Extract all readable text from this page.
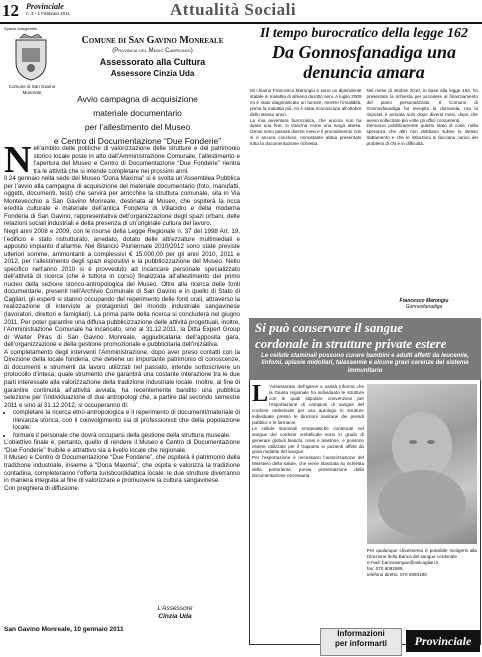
12 Provinciale
n. 3 - 1 Febbraio 2011	Attualità Sociali
Spazio autogestito
Comune di San Gavino Monreale
Comune di San Gavino Monreale
(Provincia del Medio Campidano)
Assessorato alla Cultura
Assessore Cinzia Uda
Avvio campagna di acquisizione
materiale documentario
per l’allestimento del Museo
e Centro di Documentazione “Due Fonderie”

Nell’ambito delle politiche di valorizzazione delle strutture e del patrimonio storico locale poste in atto dall’Amministrazione Comunale, l’allestimento e l’apertura del Museo e Centro di Documentazione “Due Fonderie” rientra tra le attività che si intende completare nei prossimi anni.

Il 24 gennaio nella sede del Museo “Dona Maxima” si è svolta un’Assemblea Pubblica per l’avvio alla campagna di acquisizione del materiale documentario (foto, manufatti, oggetti, documenti, testi) che servirà per arricchire la struttura comunale, sita in Via Montevecchio a San Gavino Monreale, destinata al Museo, che ospiterà la ricca eredità culturale e materiale dell’antica Fonderia di Villacidro e della moderna Fonderia di San Gavino, rappresentativa dell’organizzazione degli spazi urbani, delle relazioni sociali industriali e della presenza di un’originale cultura del lavoro.

Negli anni 2008 e 2009, con le risorse della Legge Regionale n. 37 del 1998 Art. 19, l’edificio è stato ristrutturato, arredato, dotato delle attrezzature multimediali e apposito impianto d’allarme. Nel Bilancio Pluriennale 2010/2012 sono state previste ulteriori somme, ammontanti a complessivi € 15.000,00 per gli anni 2010, 2011 e 2012, per l’allestimento degli spazi espositivi e la pubblicizzazione del Museo. Nello specifico nell’anno 2010 si è provveduto ad incaricare personale specializzato dell’attività di ricerca (che è tuttora in corso) finalizzata all’allestimento del primo nucleo della sezione storico-antropologica del Museo. Oltre alla ricerca delle fonti documentarie, presenti nell’Archivio Comunale di San Gavino e in quello di Stato di Cagliari, gli esperti si stanno occupando del reperimento delle fonti orali, attraverso la realizzazione di interviste ai protagonisti del mondo industriale sangavinese (lavoratori, direttori e famigliari). La prima parte della ricerca si concluderà nel giugno 2011. Per poter garantire una diffusa pubblicizzazione delle attività progettuali, inoltre, l’Amministrazione Comunale ha incaricato, sino al 31.12.2011, la Ditta Expert Group di Walter Piras di San Gavino Monreale, aggiudicataria dell’apposita gara, dell’organizzazione e della gestione promozionale e pubblicitaria dell’iniziativa.

A completamento degli interventi l’Amministrazione, dopo aver preso contatti con la Direzione della locale fonderia, che detiene un importante patrimonio di conoscenze, di documenti e strumenti da lavoro utilizzati nel passato, intende sottoscrivere un protocollo d’intesa, quale strumento che garantirà una costante interazione tra le due parti interessate alla valorizzazione della tradizione industriale locale. Inoltre, al fine di garantire continuità all’attività avviata, ha recentemente bandito una pubblica selezione per l’individuazione di due antropologi che, a partire dal secondo semestre 2011 e sino al 31.12.2012, si occuperanno di:

• completare la ricerca etno-antropologica e il reperimento di documenti/materiale di rilevanza storica, con il coinvolgimento sia di professionisti che della popolazione locale;
• formare il personale che dovrà occuparsi della gestione della struttura museale.

L’obiettivo finale è, pertanto, quello di rendere il Museo e Centro di Documentazione “Due Fonderie” fruibile e attrattivo sia a livello locale che regionale.

Il Museo e Centro di Documentazione “Due Fonderie”, che ospiterà il patrimonio della tradizione industriale, insieme a “Dona Maxima”, che ospita e valorizza la tradizione contadina, completeranno l’offerta turistico/didattica locale: le due strutture diverranno in maniera integrata al fine di valorizzare e promuovere la cultura sangavinese.

Con preghiera di diffusione.

L’Assessore
Cinzia Uda
San Gavino Monreale, 10 gennaio 2011
Il tempo burocratico della legge 162
Da Gonnosfanadiga una denuncia amara

Mi chiamo Francesco Marongiu e sono un dipendente statale in malattia di almeno diciotto anni. A luglio 2009 mi è stato diagnosticato un tumore, mentre l’invalidità, prima la malattia più, mi è stata riconosciuta all’ottobre dello stesso anno.

La mia avventura burocratica, che ancora non ha avuto una fine, si trascina come una lunga attesa. Ormai sono passati diversi mesi e il procedimento non si è ancora concluso, nonostante abbia presentato tutta la documentazione richiesta.

Nel mese di ottobre 2010, in base alla legge 162, ho presentato la richiesta per accedere al finanziamento del piano personalizzato. Il Comune di Gonnosfanadiga ha recepito la domanda, ma la risposta è arrivata solo dopo diversi mesi, dopo che avevo sollecitato più volte gli uffici competenti.

Denuncio pubblicamente questo stato di cose, nella speranza che altri non debbano subire lo stesso trattamento e che le istituzioni si facciano carico dei problemi di chi è in difficoltà.

Francesco Marongiu
Gonnosfanadiga
Si può conservare il sangue
cordonale in strutture private estere
Le cellule staminali possono curare bambini e adulti affetti da leucemie, linfomi, aplasie midollari, talassemie e alcune gravi carenze del sistema immunitario

L ’Assessorato dell’Igiene e sanità informa che la Giunta regionale ha individuato le strutture con le quali stipulare convenzioni per l’esportazione di campioni di sangue del cordone ombelicale per uso autologo in strutture individuate presso le direzioni sanitarie dei presidi pubblici e le farmacie.

Le cellule staminali emopoietiche contenute nel sangue del cordone ombelicale sono in grado di generare globuli bianchi, rossi e piastrine, e possono essere utilizzate per il trapianto in pazienti affetti da gravi malattie del sangue.

Per l’esportazione è necessario l’autorizzazione del Ministero della salute, che viene rilasciata su richiesta della partoriente, previa presentazione della documentazione necessaria.

Per qualunque chiarimento è possibile rivolgersi alla Direzione della Banca del sangue cordonale.

e-mail: bancasangue@aslcagliari.it

fax: 070 6092986

telefono diretto: 070 6093198

Informazioni
per informarti	Provinciale
